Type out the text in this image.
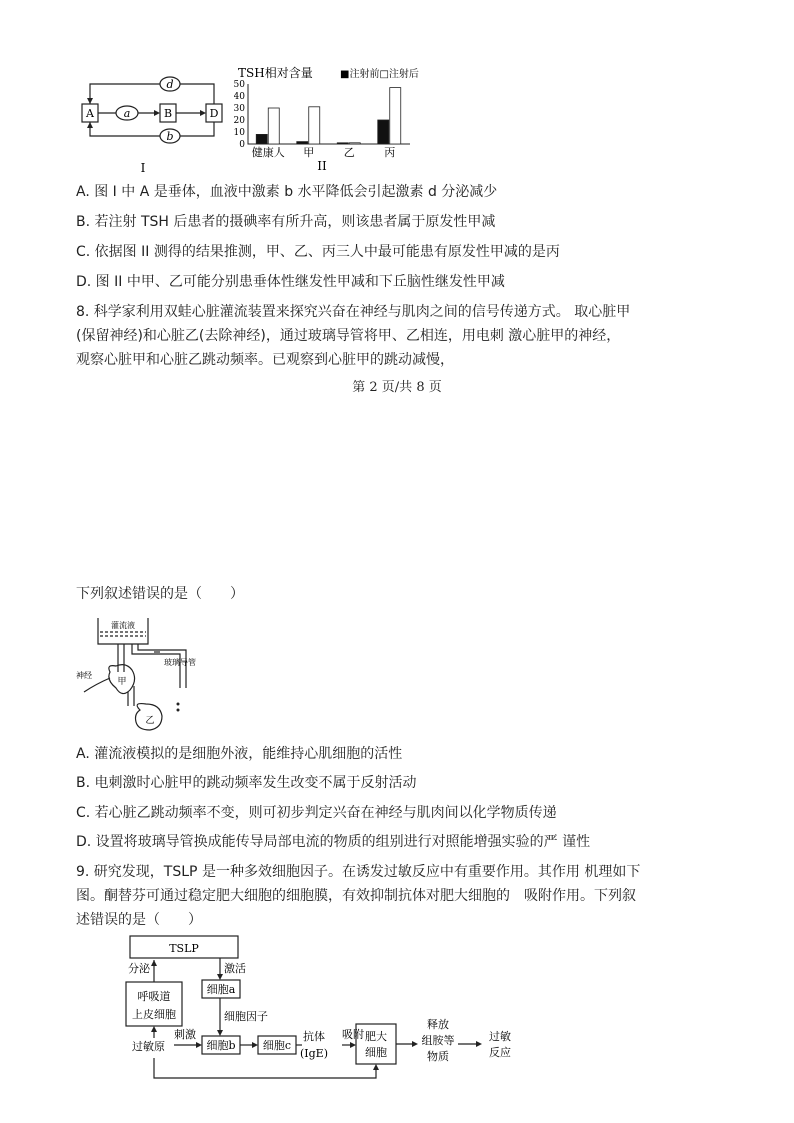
A	B	D
d
a
b
I
TSH相对含量	■注射前□注射后
0
10
20
30
40
50
健康人 甲	乙	丙
II
A. 图 I 中 A 是垂体，血液中激素 b 水平降低会引起激素 d 分泌减少
B. 若注射 TSH 后患者的摄碘率有所升高，则该患者属于原发性甲减
C. 依据图 II 测得的结果推测，甲、乙、丙三人中最可能患有原发性甲减的是丙
D. 图 II 中甲、乙可能分别患垂体性继发性甲减和下丘脑性继发性甲减
8. 科学家利用双蛙心脏灌流装置来探究兴奋在神经与肌肉之间的信号传递方式。 取心脏甲
(保留神经)和心脏乙(去除神经)，通过玻璃导管将甲、乙相连，用电刺 激心脏甲的神经，
观察心脏甲和心脏乙跳动频率。已观察到心脏甲的跳动减慢，
第 2 页/共 8 页
下列叙述错误的是（　　）
灌流液
神经
玻璃导管
甲
乙
A. 灌流液模拟的是细胞外液，能维持心肌细胞的活性
B. 电刺激时心脏甲的跳动频率发生改变不属于反射活动
C. 若心脏乙跳动频率不变，则可初步判定兴奋在神经与肌肉间以化学物质传递
D. 设置将玻璃导管换成能传导局部电流的物质的组别进行对照能增强实验的严 谨性
9. 研究发现，TSLP 是一种多效细胞因子。在诱发过敏反应中有重要作用。其作用 机理如下
图。酮替芬可通过稳定肥大细胞的细胞膜，有效抑制抗体对肥大细胞的　吸附作用。下列叙
述错误的是（　　）
TSLP
分泌	激活
呼吸道
上皮细胞
细胞a
细胞因子
刺激
过敏原	细胞b 细胞c
抗体
(IgE)
吸附 肥大
细胞
释放
组胺等
物质
过敏
反应
